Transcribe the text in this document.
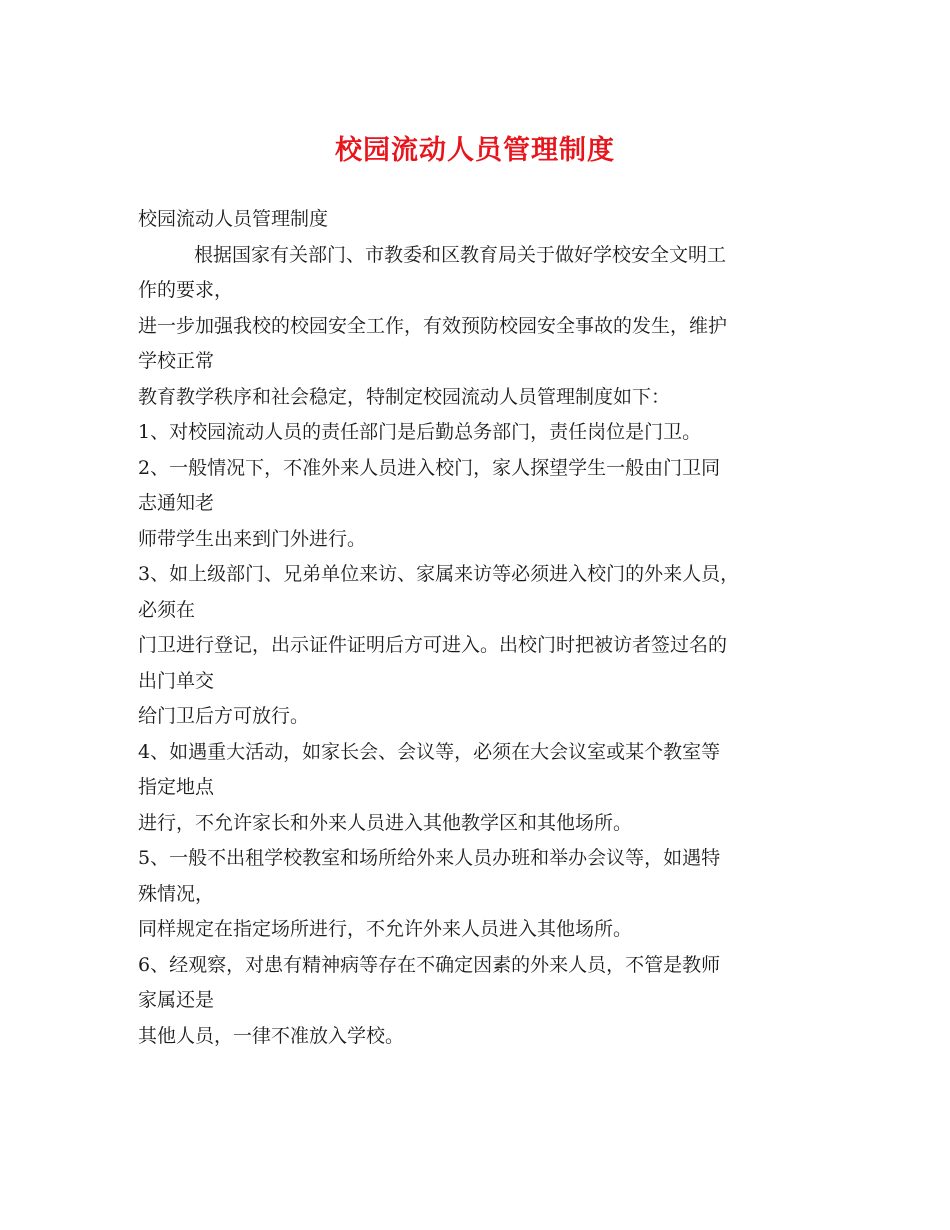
校园流动人员管理制度
校园流动人员管理制度
根据国家有关部门、市教委和区教育局关于做好学校安全文明工
作的要求，
进一步加强我校的校园安全工作，有效预防校园安全事故的发生，维护
学校正常
教育教学秩序和社会稳定，特制定校园流动人员管理制度如下：
1、对校园流动人员的责任部门是后勤总务部门，责任岗位是门卫。
2、一般情况下，不准外来人员进入校门，家人探望学生一般由门卫同
志通知老
师带学生出来到门外进行。
3、如上级部门、兄弟单位来访、家属来访等必须进入校门的外来人员，
必须在
门卫进行登记，出示证件证明后方可进入。出校门时把被访者签过名的
出门单交
给门卫后方可放行。
4、如遇重大活动，如家长会、会议等，必须在大会议室或某个教室等
指定地点
进行，不允许家长和外来人员进入其他教学区和其他场所。
5、一般不出租学校教室和场所给外来人员办班和举办会议等，如遇特
殊情况，
同样规定在指定场所进行，不允许外来人员进入其他场所。
6、经观察，对患有精神病等存在不确定因素的外来人员，不管是教师
家属还是
其他人员，一律不准放入学校。
